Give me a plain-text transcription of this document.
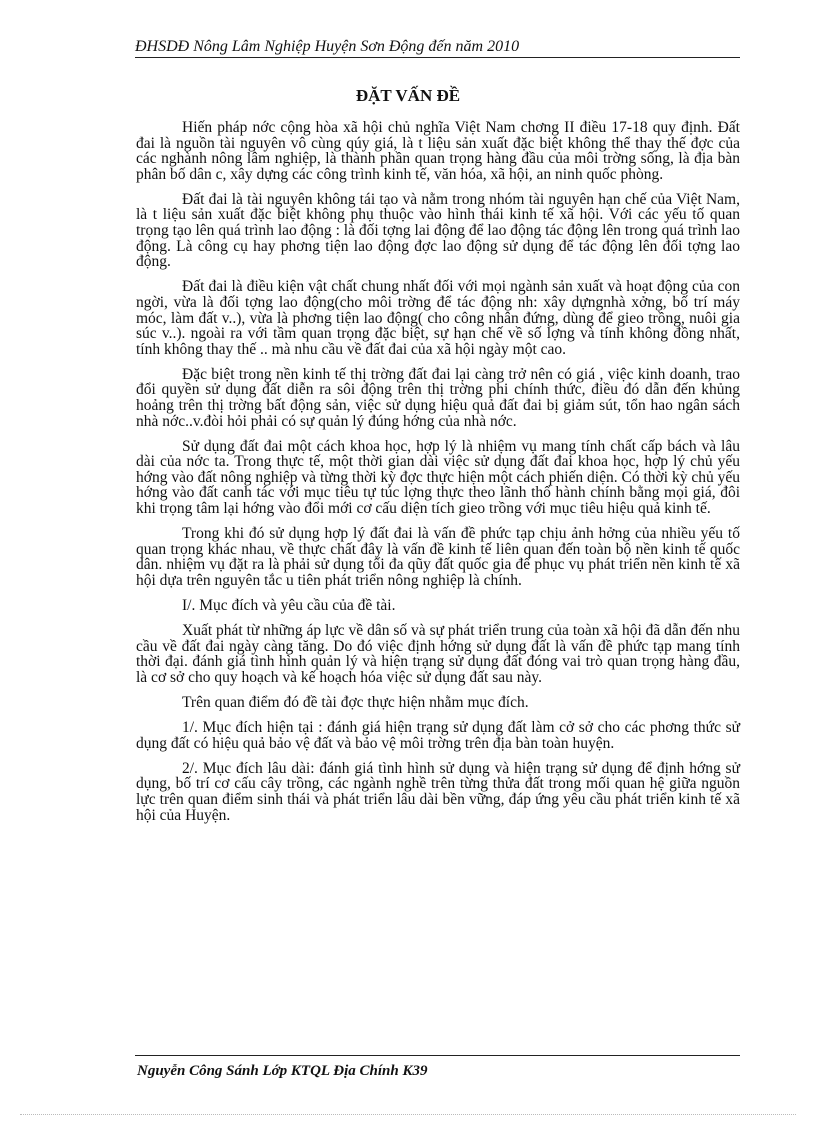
ĐHSDĐ Nông Lâm Nghiệp Huyện Sơn Động đến năm 2010
ĐẶT VẤN ĐỀ

Hiến pháp nớc cộng hòa xã hội chủ nghĩa Việt Nam chơng II điều 17-18 quy định. Đất đai là nguồn tài nguyên vô cùng qúy giá, là t liệu sản xuất đặc biệt không thể thay thế đợc của các nghành nông lâm nghiệp, là thành phần quan trọng hàng đầu của môi trờng sống, là địa bàn phân bố dân c, xây dựng các công trình kinh tế, văn hóa, xã hội, an ninh quốc phòng.

Đất đai là tài nguyên không tái tạo và nằm trong nhóm tài nguyên hạn chế của Việt Nam, là t liệu sản xuất đặc biệt không phụ thuộc vào hình thái kinh tế xã hội. Với các yếu tố quan trọng tạo lên quá trình lao động : là đối tợng lai động để lao động tác động lên trong quá trình lao động. Là công cụ hay phơng tiện lao động đợc lao động sử dụng để tác động lên đối tợng lao động.

Đất đai là điều kiện vật chất chung nhất đối với mọi ngành sản xuất và hoạt động của con ngời, vừa là đối tợng lao động(cho môi trờng để tác động nh: xây dựngnhà xởng, bố trí máy móc, làm đất v..), vừa là phơng tiện lao động( cho công nhân đứng, dùng để gieo trồng, nuôi gia súc v..). ngoài ra với tầm quan trọng đặc biệt, sự hạn chế về số lợng và tính không đồng nhất, tính không thay thế .. mà nhu cầu về đất đai của xã hội ngày một cao.

Đặc biệt trong nền kinh tế thị trờng đất đai lại càng trở nên có giá , việc kinh doanh, trao đổi quyền sử dụng đất diễn ra sôi động trên thị trờng phi chính thức, điều đó dẫn đến khủng hoảng trên thị trờng bất động sản, việc sử dụng hiệu quả đất đai bị giảm sút, tổn hao ngân sách nhà nớc..v.đòi hỏi phải có sự quản lý đúng hớng của nhà nớc.

Sử dụng đất đai một cách khoa học, hợp lý là nhiệm vụ mang tính chất cấp bách và lâu dài của nớc ta. Trong thực tế, một thời gian dài việc sử dụng đất đai khoa học, hợp lý chủ yếu hớng vào đất nông nghiệp và từng thời kỳ đợc thực hiện một cách phiến diện. Có thời kỳ chủ yếu hớng vào đất canh tác với mục tiêu tự túc lợng thực theo lãnh thổ hành chính bằng mọi giá, đôi khi trọng tâm lại hớng vào đổi mới cơ cấu diện tích gieo trồng với mục tiêu hiệu quả kinh tế.

Trong khi đó sử dụng hợp lý đất đai là vấn đề phức tạp chịu ảnh hởng của nhiều yếu tố quan trọng khác nhau, về thực chất đây là vấn đề kinh tế liên quan đến toàn bộ nền kinh tế quốc dân. nhiệm vụ đặt ra là phải sử dụng tối đa qũy đất quốc gia để phục vụ phát triển nền kinh tế xã hội dựa trên nguyên tắc u tiên phát triển nông nghiệp là chính.

I/. Mục đích và yêu cầu của đề tài.

Xuất phát từ những áp lực về dân số và sự phát triển trung của toàn xã hội đã dẫn đến nhu cầu về đất đai ngày càng tăng. Do đó việc định hớng sử dụng đất là vấn đề phức tạp mang tính thời đại. đánh giá tình hình quản lý và hiện trạng sử dụng đất đóng vai trò quan trọng hàng đầu, là cơ sở cho quy hoạch và kế hoạch hóa việc sử dụng đất sau này.

Trên quan điểm đó đề tài đợc thực hiện nhằm mục đích.

1/. Mục đích hiện tại : đánh giá hiện trạng sử dụng đất làm cở sở cho các phơng thức sử dụng đất có hiệu quả bảo vệ đất và bảo vệ môi trờng trên địa bàn toàn huyện.

2/. Mục đích lâu dài: đánh giá tình hình sử dụng và hiện trạng sử dụng để định hớng sử dụng, bố trí cơ cấu cây trồng, các ngành nghề trên từng thửa đất trong mối quan hệ giữa nguồn lực trên quan điểm sinh thái và phát triển lâu dài bền vững, đáp ứng yêu cầu phát triển kinh tế xã hội của Huyện.

Nguyễn Công Sánh Lớp KTQL Địa Chính K39
